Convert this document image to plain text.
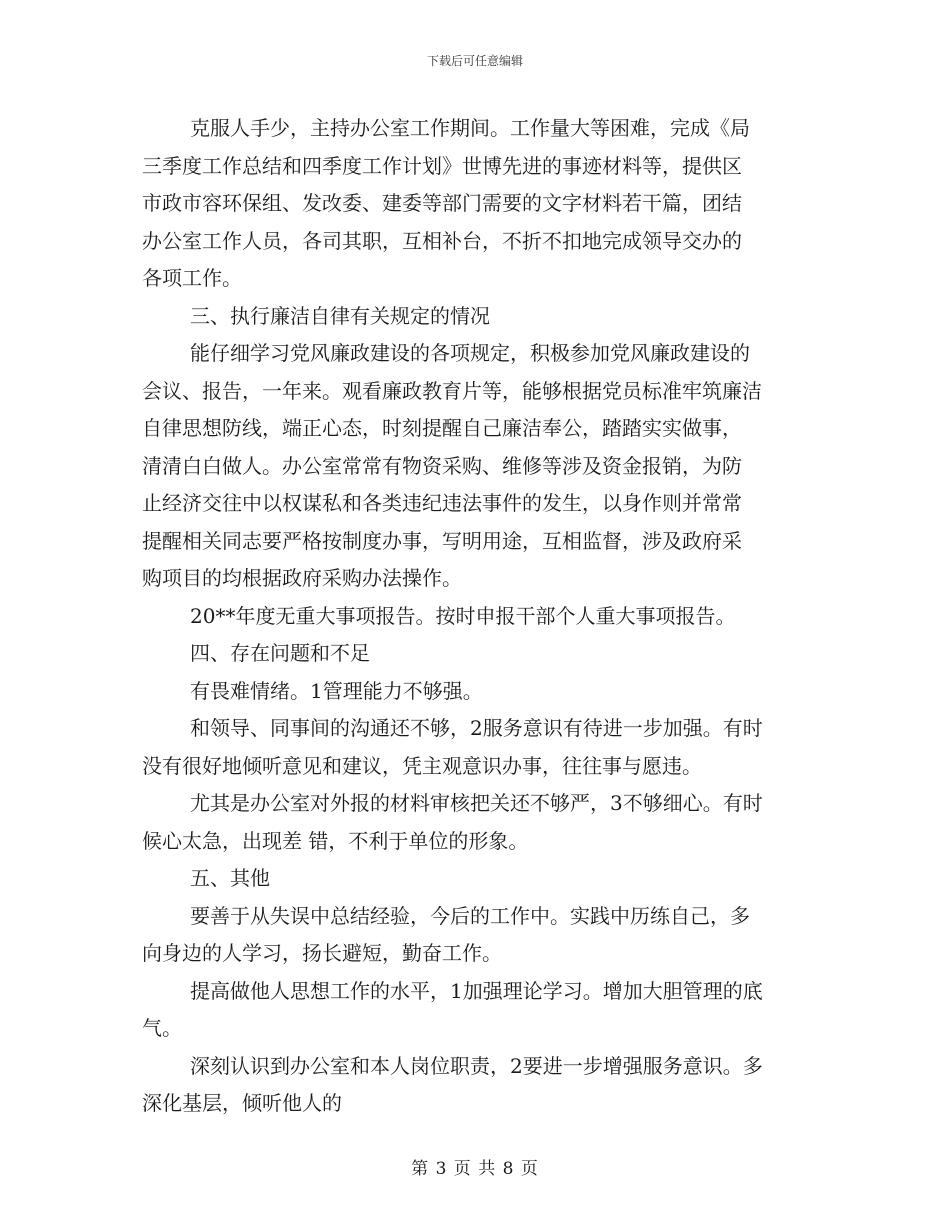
下载后可任意编辑
克服人手少，主持办公室工作期间。工作量大等困难，完成《局
三季度工作总结和四季度工作计划》世博先进的事迹材料等，提供区
市政市容环保组、发改委、建委等部门需要的文字材料若干篇，团结
办公室工作人员，各司其职，互相补台，不折不扣地完成领导交办的
各项工作。
三、执行廉洁自律有关规定的情况
能仔细学习党风廉政建设的各项规定，积极参加党风廉政建设的
会议、报告，一年来。观看廉政教育片等，能够根据党员标准牢筑廉洁
自律思想防线，端正心态，时刻提醒自己廉洁奉公，踏踏实实做事，
清清白白做人。办公室常常有物资采购、维修等涉及资金报销，为防
止经济交往中以权谋私和各类违纪违法事件的发生，以身作则并常常
提醒相关同志要严格按制度办事，写明用途，互相监督，涉及政府采
购项目的均根据政府采购办法操作。
20**年度无重大事项报告。按时申报干部个人重大事项报告。
四、存在问题和不足
有畏难情绪。1管理能力不够强。
和领导、同事间的沟通还不够，2服务意识有待进一步加强。有时
没有很好地倾听意见和建议，凭主观意识办事，往往事与愿违。
尤其是办公室对外报的材料审核把关还不够严，3不够细心。有时
候心太急，出现差 错，不利于单位的形象。
五、其他
要善于从失误中总结经验，今后的工作中。实践中历练自己，多
向身边的人学习，扬长避短，勤奋工作。
提高做他人思想工作的水平，1加强理论学习。增加大胆管理的底
气。
深刻认识到办公室和本人岗位职责，2要进一步增强服务意识。多
深化基层，倾听他人的
第 3 页 共 8 页
